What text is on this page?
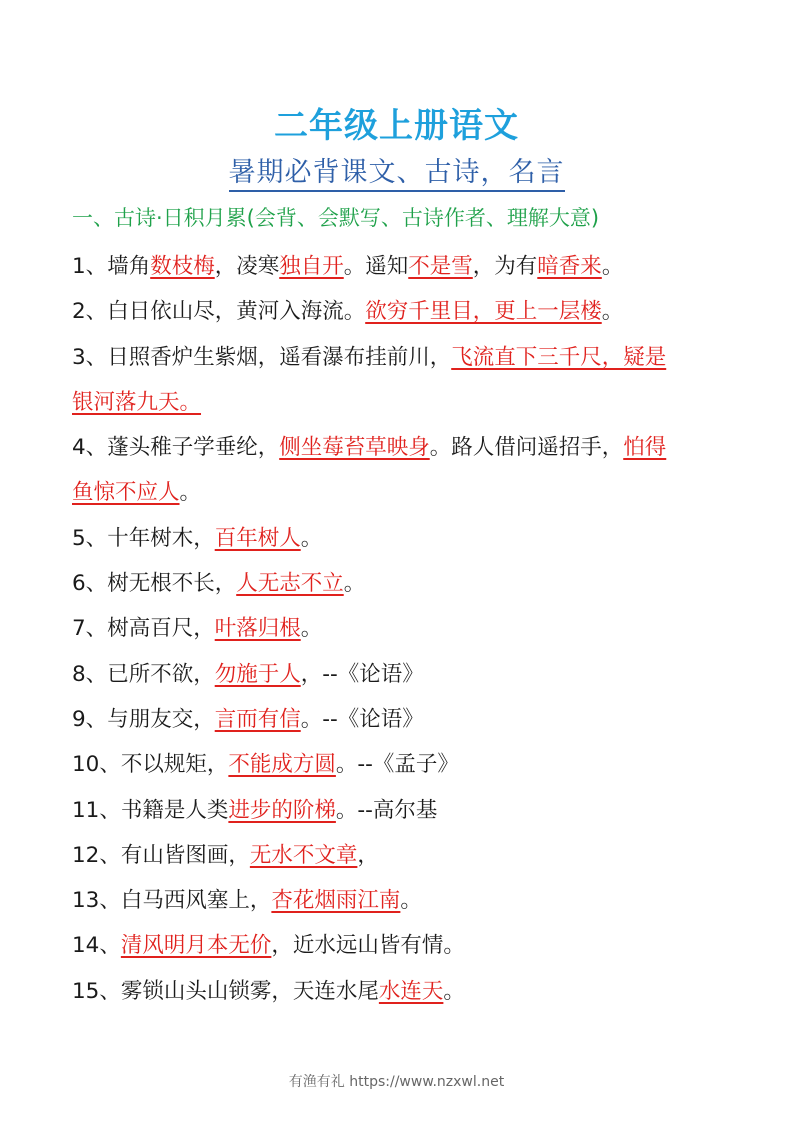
二年级上册语文
暑期必背课文、古诗，名言
一、古诗·日积月累(会背、会默写、古诗作者、理解大意)
1、墙角数枝梅，凌寒独自开。遥知不是雪，为有暗香来。
2、白日依山尽，黄河入海流。欲穷千里目，更上一层楼。
3、日照香炉生紫烟，遥看瀑布挂前川，飞流直下三千尺，疑是
银河落九天。
4、蓬头稚子学垂纶，侧坐莓苔草映身。路人借问遥招手，怕得
鱼惊不应人。
5、十年树木，百年树人。
6、树无根不长，人无志不立。
7、树高百尺，叶落归根。
8、已所不欲，勿施于人，--《论语》
9、与朋友交，言而有信。--《论语》
10、不以规矩，不能成方圆。--《孟子》
11、书籍是人类进步的阶梯。--高尔基
12、有山皆图画，无水不文章，
13、白马西风塞上，杏花烟雨江南。
14、清风明月本无价，近水远山皆有情。
15、雾锁山头山锁雾，天连水尾水连天。
有渔有礼 https://www.nzxwl.net
